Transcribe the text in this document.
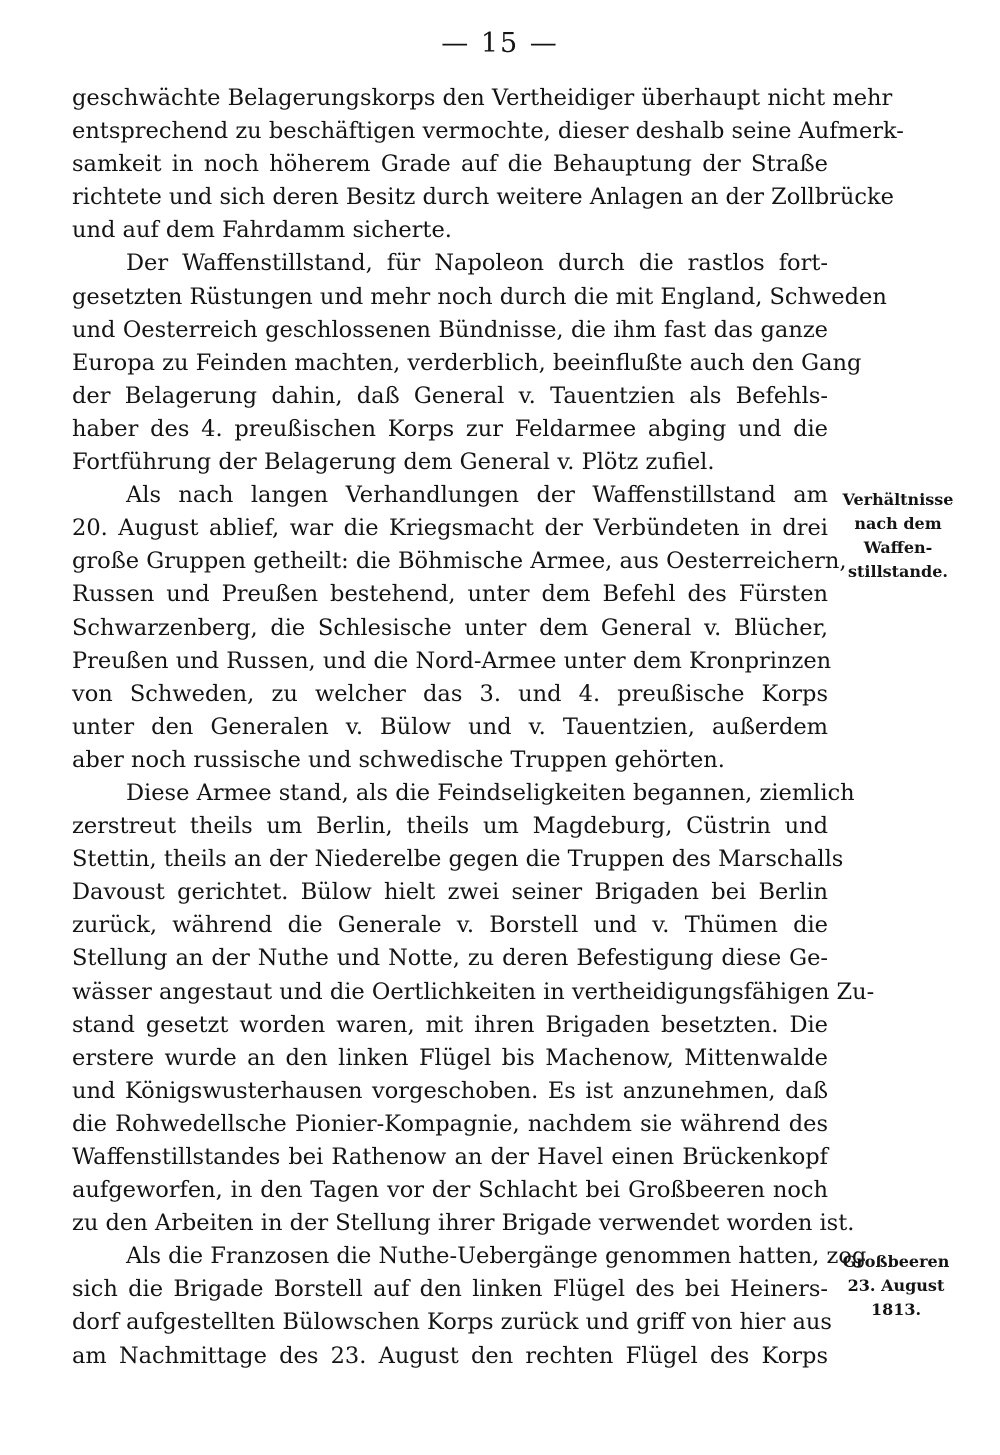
— 15 —
geschwächte Belagerungskorps den Vertheidiger überhaupt nicht mehr
entsprechend zu beschäftigen vermochte, dieser deshalb seine Aufmerk-
samkeit in noch höherem Grade auf die Behauptung der Straße
richtete und sich deren Besitz durch weitere Anlagen an der Zollbrücke
und auf dem Fahrdamm sicherte.
Der Waffenstillstand, für Napoleon durch die rastlos fort-
gesetzten Rüstungen und mehr noch durch die mit England, Schweden
und Oesterreich geschlossenen Bündnisse, die ihm fast das ganze
Europa zu Feinden machten, verderblich, beeinflußte auch den Gang
der Belagerung dahin, daß General v. Tauentzien als Befehls-
haber des 4. preußischen Korps zur Feldarmee abging und die
Fortführung der Belagerung dem General v. Plötz zufiel.
Als nach langen Verhandlungen der Waffenstillstand am
20. August ablief, war die Kriegsmacht der Verbündeten in drei
große Gruppen getheilt: die Böhmische Armee, aus Oesterreichern,
Russen und Preußen bestehend, unter dem Befehl des Fürsten
Schwarzenberg, die Schlesische unter dem General v. Blücher,
Preußen und Russen, und die Nord-Armee unter dem Kronprinzen
von Schweden, zu welcher das 3. und 4. preußische Korps
unter den Generalen v. Bülow und v. Tauentzien, außerdem
aber noch russische und schwedische Truppen gehörten.
Diese Armee stand, als die Feindseligkeiten begannen, ziemlich
zerstreut theils um Berlin, theils um Magdeburg, Cüstrin und
Stettin, theils an der Niederelbe gegen die Truppen des Marschalls
Davoust gerichtet. Bülow hielt zwei seiner Brigaden bei Berlin
zurück, während die Generale v. Borstell und v. Thümen die
Stellung an der Nuthe und Notte, zu deren Befestigung diese Ge-
wässer angestaut und die Oertlichkeiten in vertheidigungsfähigen Zu-
stand gesetzt worden waren, mit ihren Brigaden besetzten. Die
erstere wurde an den linken Flügel bis Machenow, Mittenwalde
und Königswusterhausen vorgeschoben. Es ist anzunehmen, daß
die Rohwedellsche Pionier-Kompagnie, nachdem sie während des
Waffenstillstandes bei Rathenow an der Havel einen Brückenkopf
aufgeworfen, in den Tagen vor der Schlacht bei Großbeeren noch
zu den Arbeiten in der Stellung ihrer Brigade verwendet worden ist.
Als die Franzosen die Nuthe-Uebergänge genommen hatten, zog
sich die Brigade Borstell auf den linken Flügel des bei Heiners-
dorf aufgestellten Bülowschen Korps zurück und griff von hier aus
am Nachmittage des 23. August den rechten Flügel des Korps
Verhältnisse
nach dem
Waffen-
stillstande.
Großbeeren
23. August
1813.
